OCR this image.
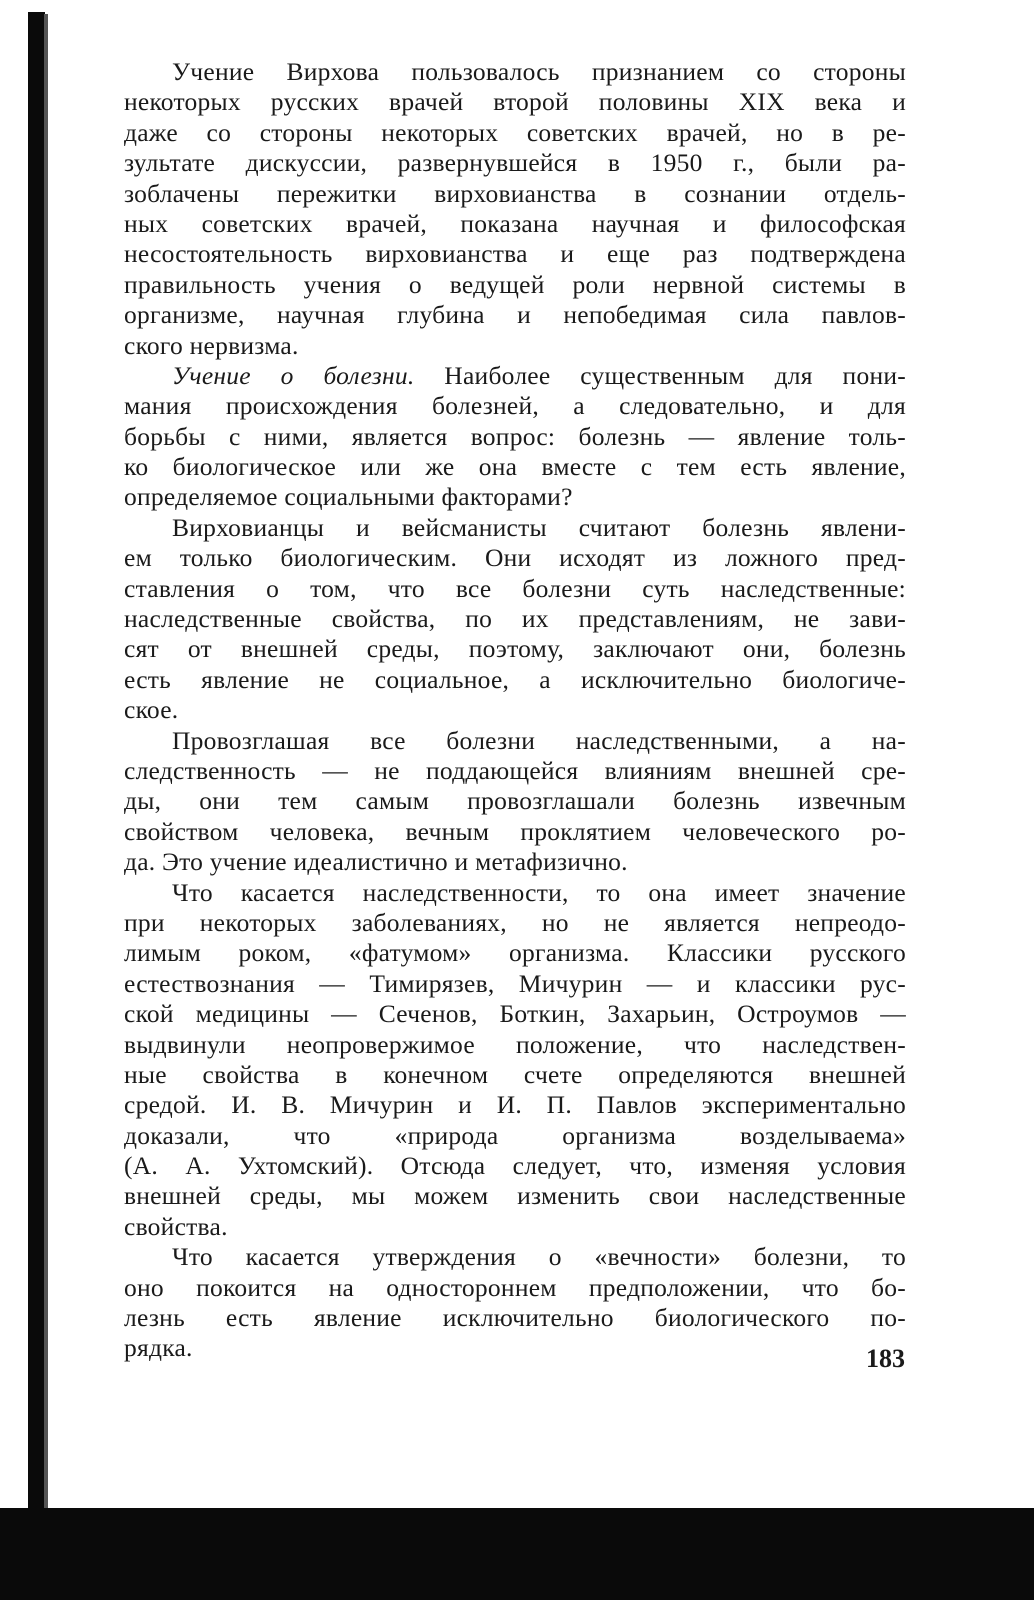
Учение Вирхова пользовалось признанием со стороны
некоторых русских врачей второй половины XIX века и
даже со стороны некоторых советских врачей, но в ре-
зультате дискуссии, развернувшейся в 1950 г., были ра-
зоблачены пережитки вирховианства в сознании отдель-
ных советских врачей, показана научная и философская
несостоятельность вирховианства и еще раз подтверждена
правильность учения о ведущей роли нервной системы в
организме, научная глубина и непобедимая сила павлов-
ского нервизма.
Учение о болезни. Наиболее существенным для пони-
мания происхождения болезней, а следовательно, и для
борьбы с ними, является вопрос: болезнь — явление толь-
ко биологическое или же она вместе с тем есть явление,
определяемое социальными факторами?
Вирховианцы и вейсманисты считают болезнь явлени-
ем только биологическим. Они исходят из ложного пред-
ставления о том, что все болезни суть наследственные:
наследственные свойства, по их представлениям, не зави-
сят от внешней среды, поэтому, заключают они, болезнь
есть явление не социальное, а исключительно биологиче-
ское.
Провозглашая все болезни наследственными, а на-
следственность — не поддающейся влияниям внешней сре-
ды, они тем самым провозглашали болезнь извечным
свойством человека, вечным проклятием человеческого ро-
да. Это учение идеалистично и метафизично.
Что касается наследственности, то она имеет значение
при некоторых заболеваниях, но не является непреодо-
лимым роком, «фатумом» организма. Классики русского
естествознания — Тимирязев, Мичурин — и классики рус-
ской медицины — Сеченов, Боткин, Захарьин, Остроумов —
выдвинули неопровержимое положение, что наследствен-
ные свойства в конечном счете определяются внешней
средой. И. В. Мичурин и И. П. Павлов экспериментально
доказали, что «природа организма возделываема»
(А. А. Ухтомский). Отсюда следует, что, изменяя условия
внешней среды, мы можем изменить свои наследственные
свойства.
Что касается утверждения о «вечности» болезни, то
оно покоится на одностороннем предположении, что бо-
лезнь есть явление исключительно биологического по-
рядка.	183
